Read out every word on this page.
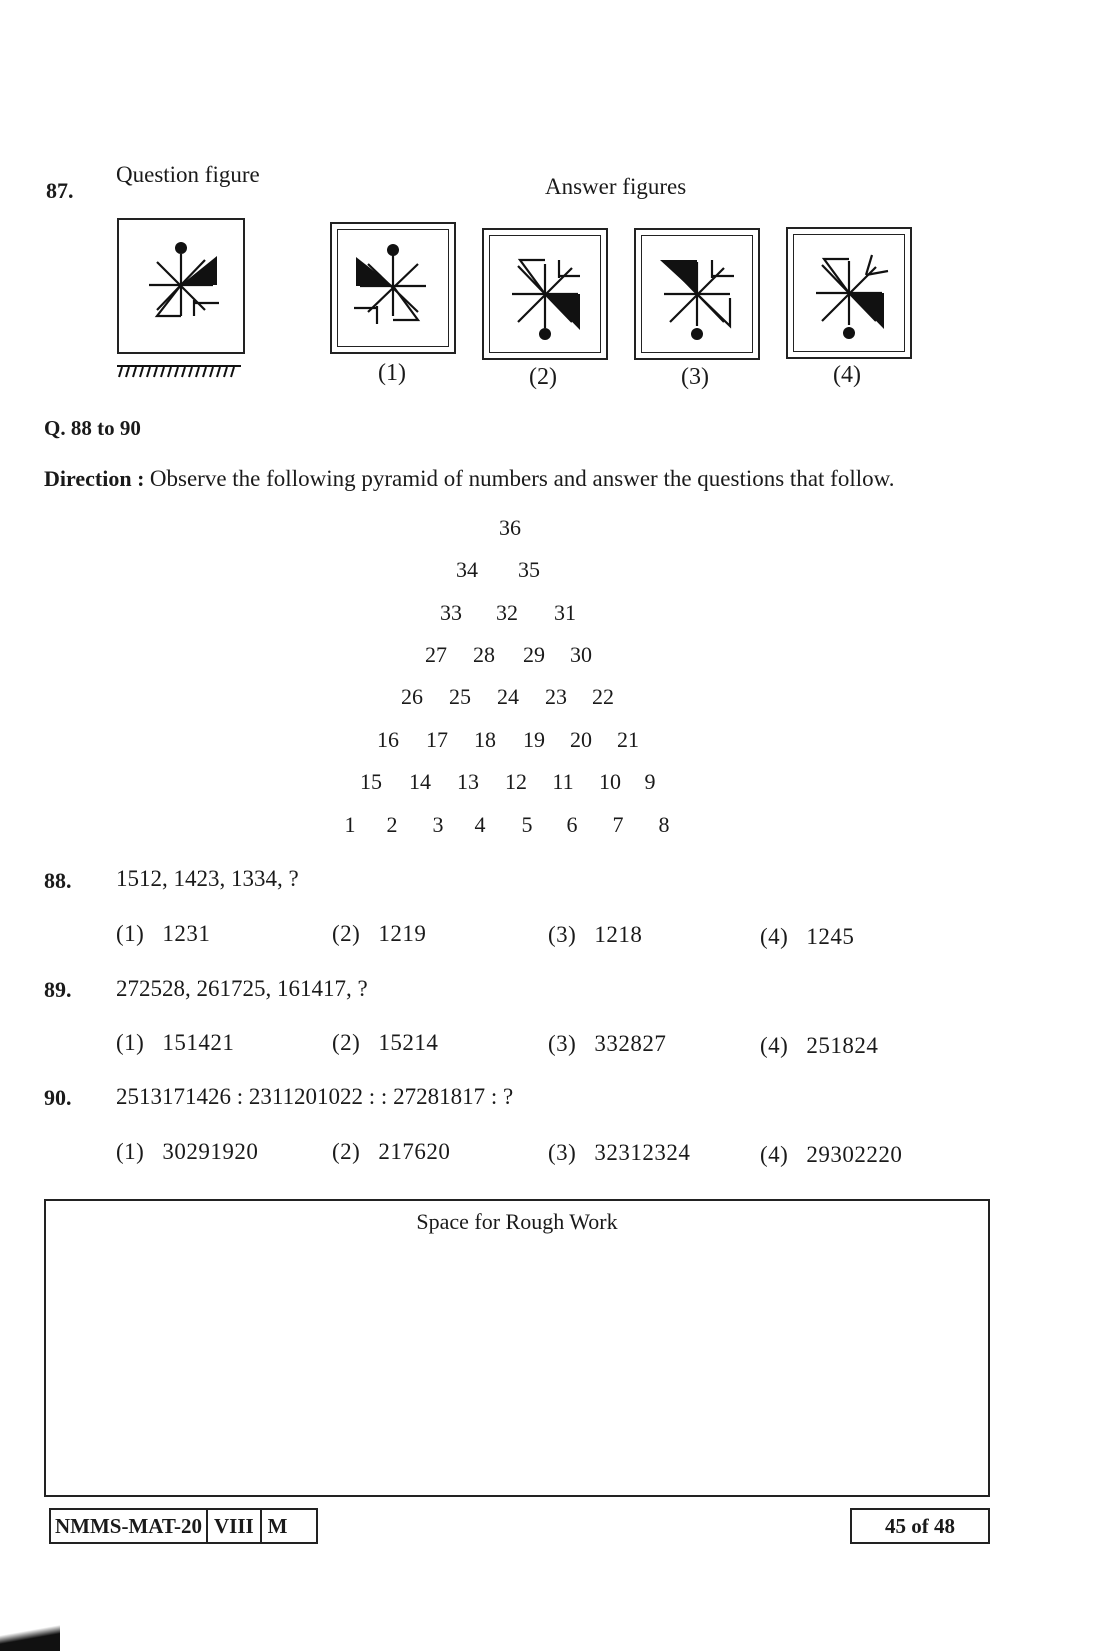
87.
Question figure	Answer figures
(1)	(2)	(3)	(4)
Q. 88 to 90
Direction : Observe the following pyramid of numbers and answer the questions that follow.
36
34	35
33	32	31
27	28	29	30
26	25	24	23	22
16	17	18	19	20	21
15	14	13	12	11	10	9
1	2	3	4	5	6	7	8
88. 1512, 1423, 1334, ?
(1) 1231	(2) 1219	(3) 1218	(4) 1245
89. 272528, 261725, 161417, ?
(1) 151421	(2) 15214	(3) 332827	(4) 251824
90. 2513171426 : 2311201022 : : 27281817 : ?
(1) 30291920	(2) 217620	(3) 32312324	(4) 29302220
Space for Rough Work
NMMS-MAT-20 VIII M	45 of 48
